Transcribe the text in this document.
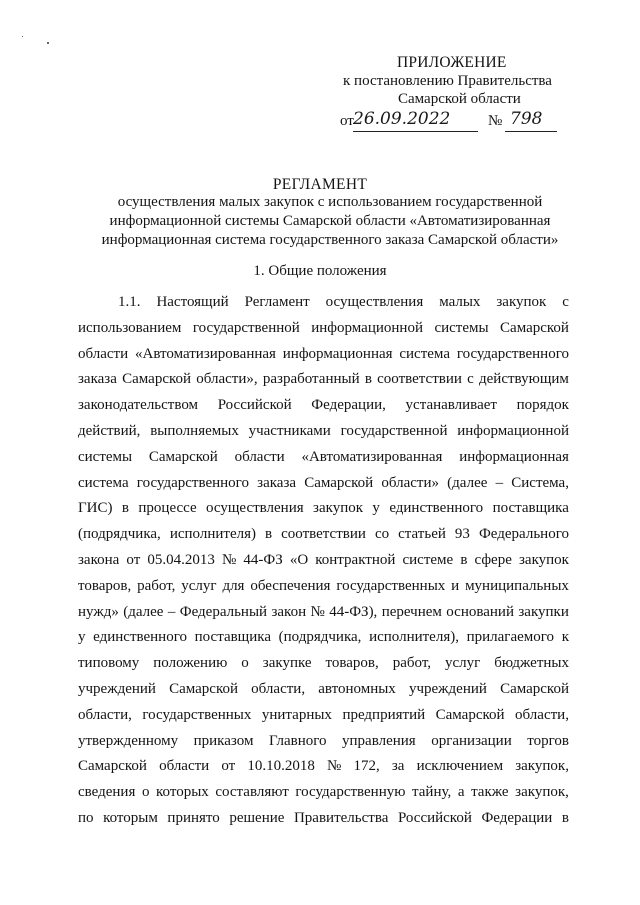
ПРИЛОЖЕНИЕ
к постановлению Правительства
Самарской области
от 26.09.2022	№ 798
РЕГЛАМЕНТ
осуществления малых закупок с использованием государственной
информационной системы Самарской области «Автоматизированная
информационная система государственного заказа Самарской области»
1. Общие положения
1.1. Настоящий Регламент осуществления малых закупок с
использованием государственной информационной системы Самарской
области «Автоматизированная информационная система государственного
заказа Самарской области», разработанный в соответствии с действующим
законодательством Российской Федерации, устанавливает порядок
действий, выполняемых участниками государственной информационной
системы Самарской области «Автоматизированная информационная
система государственного заказа Самарской области» (далее – Система,
ГИС) в процессе осуществления закупок у единственного поставщика
(подрядчика, исполнителя) в соответствии со статьей 93 Федерального
закона от 05.04.2013 № 44-ФЗ «О контрактной системе в сфере закупок
товаров, работ, услуг для обеспечения государственных и муниципальных
нужд» (далее – Федеральный закон № 44-ФЗ), перечнем оснований закупки
у единственного поставщика (подрядчика, исполнителя), прилагаемого к
типовому положению о закупке товаров, работ, услуг бюджетных
учреждений Самарской области, автономных учреждений Самарской
области, государственных унитарных предприятий Самарской области,
утвержденному приказом Главного управления организации торгов
Самарской области от 10.10.2018 № 172, за исключением закупок,
сведения о которых составляют государственную тайну, а также закупок,
по которым принято решение Правительства Российской Федерации в
